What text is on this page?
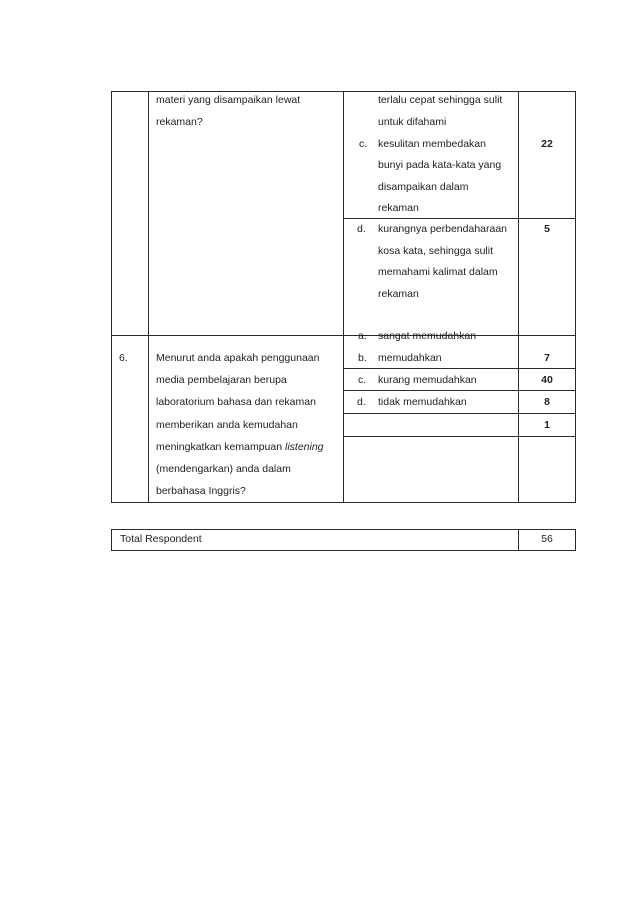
materi yang disampaikan lewat
rekaman?
terlalu cepat sehingga sulit
untuk difahami
c. kesulitan membedakan
bunyi pada kata-kata yang
disampaikan dalam
rekaman
22
d. kurangnya perbendaharaan
kosa kata, sehingga sulit
memahami kalimat dalam
rekaman
5
6.	Menurut anda apakah penggunaan
media pembelajaran berupa
laboratorium bahasa dan rekaman
memberikan anda kemudahan
meningkatkan kemampuan listening
(mendengarkan) anda dalam
berbahasa Inggris?
a. sangat memudahkan
b. memudahkan
c. kurang memudahkan
d. tidak memudahkan
7
40
8
1
Total Respondent	56
